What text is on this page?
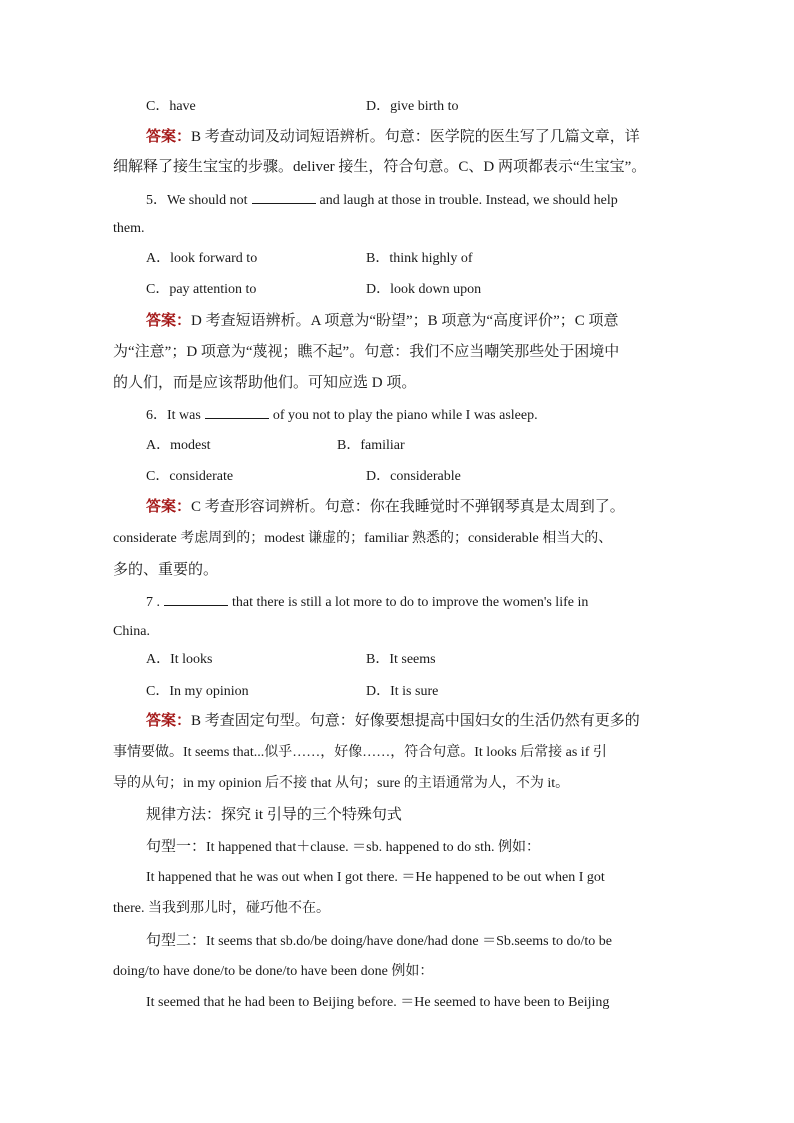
C．have	D．give birth to
答案：B 考查动词及动词短语辨析。句意：医学院的医生写了几篇文章，详
细解释了接生宝宝的步骤。deliver 接生，符合句意。C、D 两项都表示“生宝宝”。
5．We should not	and laugh at those in trouble. Instead, we should help
them.
A．look forward to	B．think highly of
C．pay attention to	D．look down upon
答案：D 考查短语辨析。A 项意为“盼望”；B 项意为“高度评价”；C 项意
为“注意”；D 项意为“蔑视；瞧不起”。句意：我们不应当嘲笑那些处于困境中
的人们，而是应该帮助他们。可知应选 D 项。
6．It was	of you not to play the piano while I was asleep.
A．modest	B．familiar
C．considerate	D．considerable
答案：C 考查形容词辨析。句意：你在我睡觉时不弹钢琴真是太周到了。
considerate 考虑周到的；modest 谦虚的；familiar 熟悉的；considerable 相当大的、
多的、重要的。
7 .	that there is still a lot more to do to improve the women's life in
China.
A．It looks	B．It seems
C．In my opinion	D．It is sure
答案：B 考查固定句型。句意：好像要想提高中国妇女的生活仍然有更多的
事情要做。It seems that...似乎……，好像……，符合句意。It looks 后常接 as if 引
导的从句；in my opinion 后不接 that 从句；sure 的主语通常为人，不为 it。
规律方法：探究 it 引导的三个特殊句式
句型一：It happened that＋clause. ＝sb. happened to do sth. 例如：
It happened that he was out when I got there. ＝He happened to be out when I got
there. 当我到那儿时，碰巧他不在。
句型二：It seems that sb.do/be doing/have done/had done ＝Sb.seems to do/to be
doing/to have done/to be done/to have been done 例如：
It seemed that he had been to Beijing before. ＝He seemed to have been to Beijing
